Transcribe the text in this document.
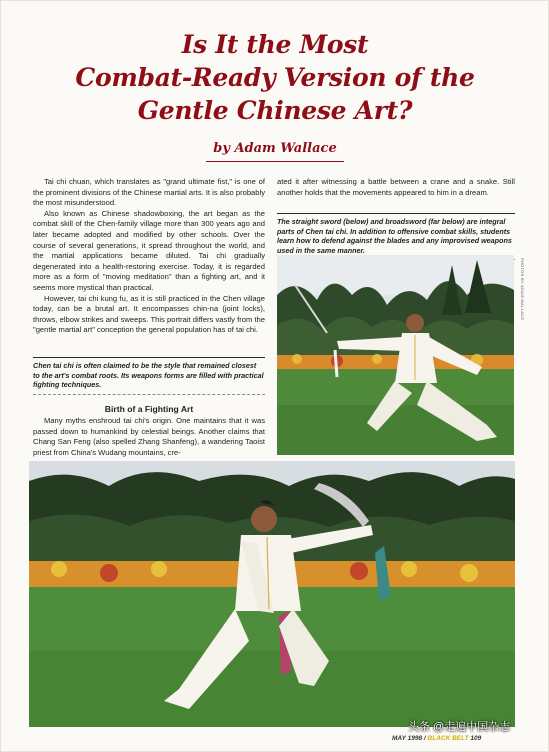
Is It the Most
Combat-Ready Version of the
Gentle Chinese Art?
by Adam Wallace

Tai chi chuan, which translates as "grand ultimate fist," is one of the prominent divisions of the Chinese martial arts. It is also probably the most misunderstood.

Also known as Chinese shadowboxing, the art began as the combat skill of the Chen-family village more than 300 years ago and later became adopted and modified by other schools. Over the course of several generations, it spread throughout the world, and the martial applications became diluted. Tai chi gradually degenerated into a health-restoring exercise. Today, it is regarded more as a form of "moving meditation" than a fighting art, and it seems more mystical than practical.

However, tai chi kung fu, as it is still practiced in the Chen village today, can be a brutal art. It encompasses chin-na (joint locks), throws, elbow strikes and sweeps. This portrait differs vastly from the "gentle martial art" conception the general population has of tai chi.

Chen tai chi is often claimed to be the style that remained closest to the art's combat roots. Its weapons forms are filled with practical fighting techniques.
Birth of a Fighting Art

Many myths enshroud tai chi's origin. One maintains that it was passed down to humankind by celestial beings. Another claims that Chang San Feng (also spelled Zhang Shanfeng), a wandering Taoist priest from China's Wudang mountains, cre-

ated it after witnessing a battle between a crane and a snake. Still another holds that the movements appeared to him in a dream.

The straight sword (below) and broadsword (far below) are integral parts of Chen tai chi. In addition to offensive combat skills, students learn how to defend against the blades and any improvised weapons used in the same manner.
PHOTOS BY ADAM WALLACE
MAY 1998 / BLACK BELT 109
头条 @走遍中国杂志
